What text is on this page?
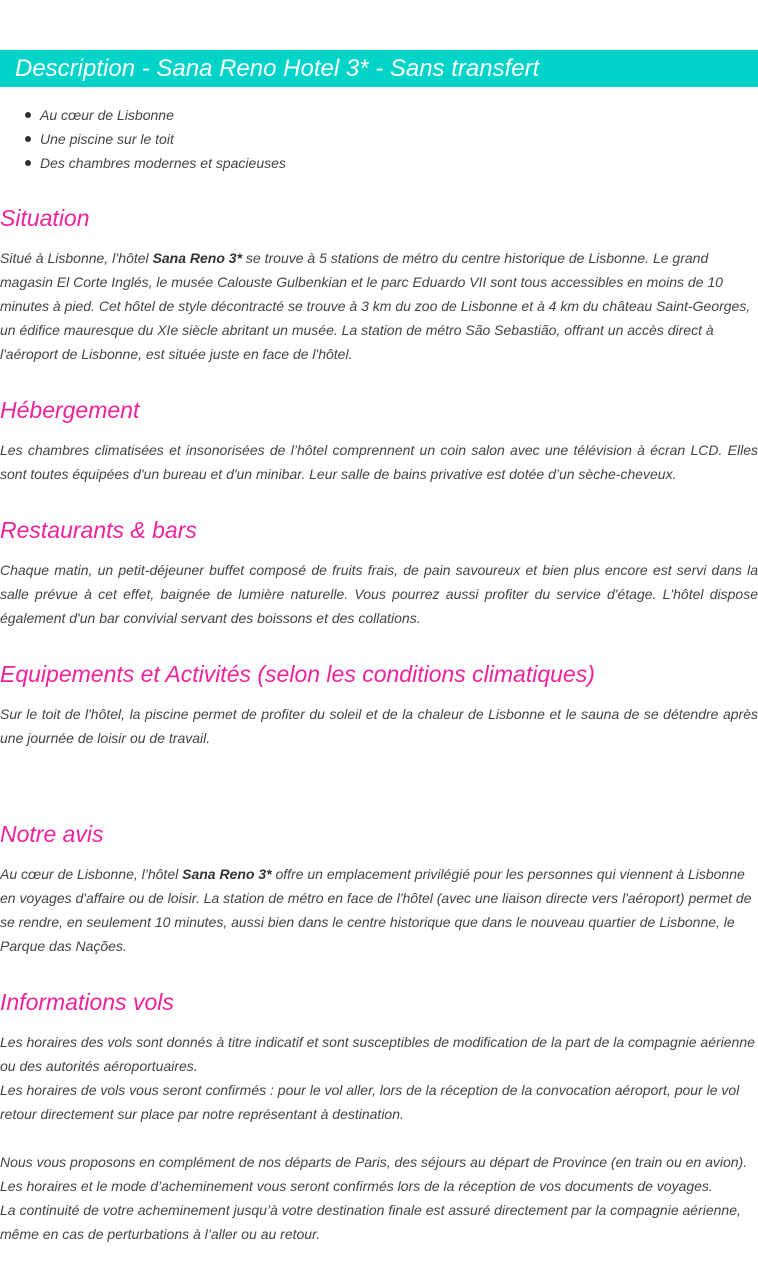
Description - Sana Reno Hotel 3* - Sans transfert
Au cœur de Lisbonne
Une piscine sur le toit
Des chambres modernes et spacieuses
Situation

Situé à Lisbonne, l’hôtel Sana Reno 3* se trouve à 5 stations de métro du centre historique de Lisbonne. Le grand magasin El Corte Inglés, le musée Calouste Gulbenkian et le parc Eduardo VII sont tous accessibles en moins de 10 minutes à pied. Cet hôtel de style décontracté se trouve à 3 km du zoo de Lisbonne et à 4 km du château Saint-Georges, un édifice mauresque du XIe siècle abritant un musée. La station de métro São Sebastião, offrant un accès direct à l'aéroport de Lisbonne, est située juste en face de l'hôtel.

Hébergement

Les chambres climatisées et insonorisées de l’hôtel comprennent un coin salon avec une télévision à écran LCD. Elles sont toutes équipées d'un bureau et d'un minibar. Leur salle de bains privative est dotée d’un sèche-cheveux.

Restaurants & bars

Chaque matin, un petit-déjeuner buffet composé de fruits frais, de pain savoureux et bien plus encore est servi dans la salle prévue à cet effet, baignée de lumière naturelle. Vous pourrez aussi profiter du service d'étage. L'hôtel dispose également d'un bar convivial servant des boissons et des collations.

Equipements et Activités (selon les conditions climatiques)

Sur le toit de l'hôtel, la piscine permet de profiter du soleil et de la chaleur de Lisbonne et le sauna de se détendre après une journée de loisir ou de travail.

Notre avis

Au cœur de Lisbonne, l’hôtel Sana Reno 3* offre un emplacement privilégié pour les personnes qui viennent à Lisbonne en voyages d'affaire ou de loisir. La station de métro en face de l'hôtel (avec une liaison directe vers l'aéroport) permet de se rendre, en seulement 10 minutes, aussi bien dans le centre historique que dans le nouveau quartier de Lisbonne, le Parque das Nações.

Informations vols

Les horaires des vols sont donnés à titre indicatif et sont susceptibles de modification de la part de la compagnie aérienne ou des autorités aéroportuaires.

Les horaires de vols vous seront confirmés : pour le vol aller, lors de la réception de la convocation aéroport, pour le vol retour directement sur place par notre représentant à destination.

Nous vous proposons en complément de nos départs de Paris, des séjours au départ de Province (en train ou en avion).

Les horaires et le mode d’acheminement vous seront confirmés lors de la réception de vos documents de voyages.

La continuité de votre acheminement jusqu’à votre destination finale est assuré directement par la compagnie aérienne, même en cas de perturbations à l’aller ou au retour.
